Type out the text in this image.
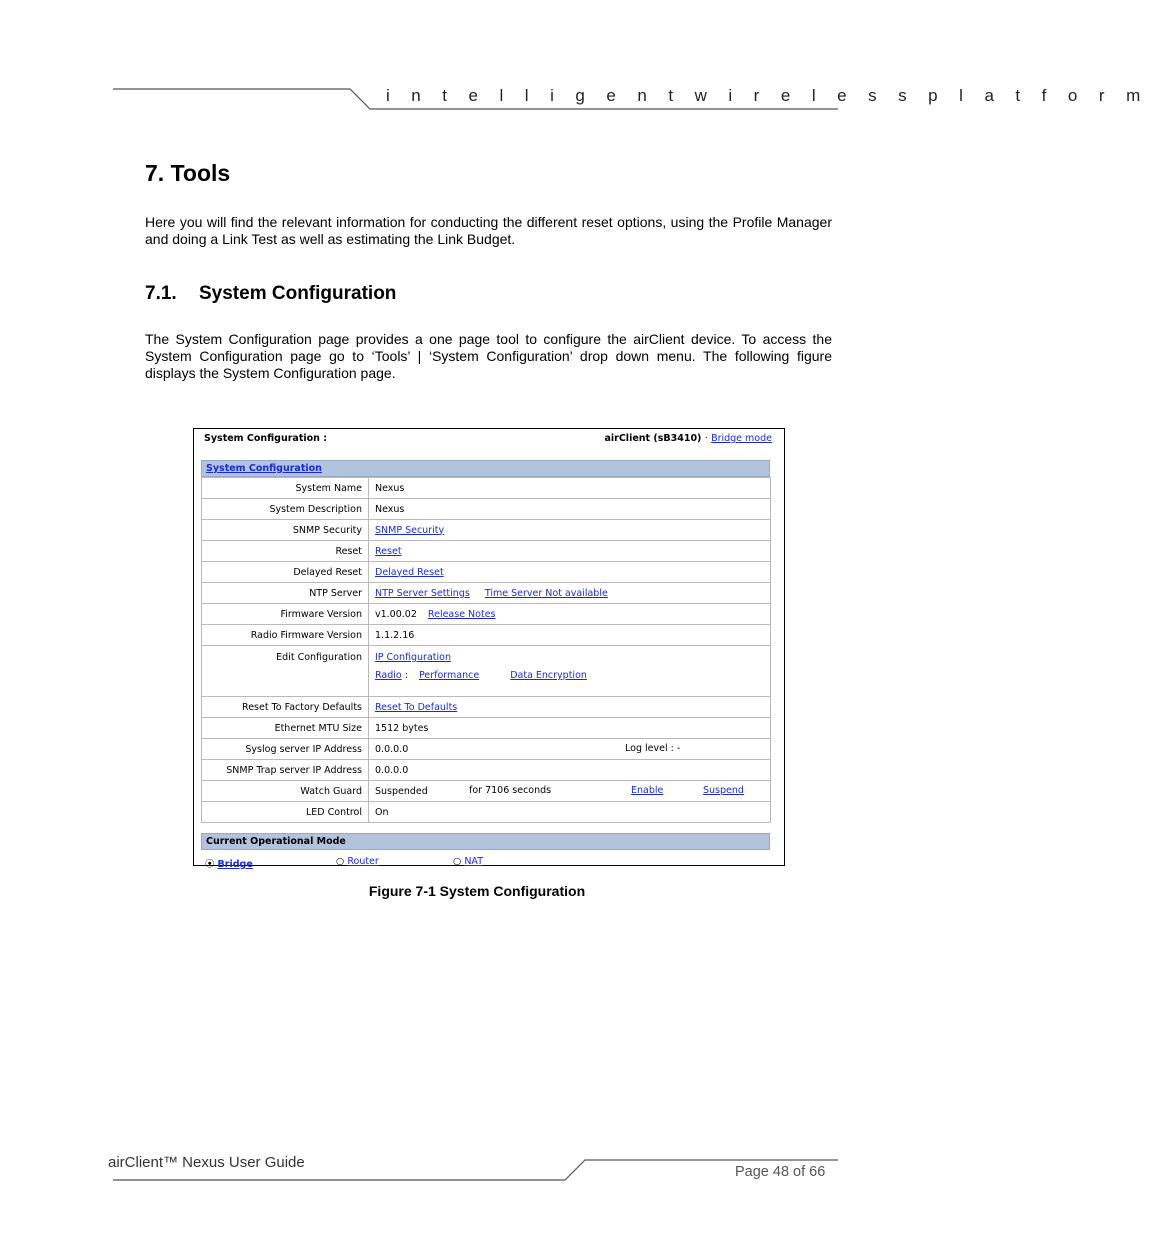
i n t e l l i g e n t w i r e l e s s p l a t f o r m
7. Tools

Here you will find the relevant information for conducting the different reset options, using the Profile Manager and doing a Link Test as well as estimating the Link Budget.

7.1. System Configuration

The System Configuration page provides a one page tool to configure the airClient device. To access the System Configuration page go to ‘Tools’ | ‘System Configuration’ drop down menu. The following figure displays the System Configuration page.

System Configuration :	airClient (sB3410) · Bridge mode
System Configuration
System Name	Nexus
System Description	Nexus
SNMP Security	SNMP Security
Reset	Reset
Delayed Reset	Delayed Reset
NTP Server	NTP Server Settings Time Server Not available
Firmware Version	v1.00.02 Release Notes
Radio Firmware Version	1.1.2.16
Edit Configuration	IP Configuration

Radio : Performance Data Encryption

Reset To Factory Defaults	Reset To Defaults
Ethernet MTU Size	1512 bytes
Syslog server IP Address	0.0.0.0 Log level : -

SNMP Trap server IP Address	0.0.0.0
Watch Guard	Suspended for 7106 seconds Enable Suspend

LED Control	On
Current Operational Mode
⦿ Bridge	○ Router	○ NAT
Figure 7-1 System Configuration
airClient™ Nexus User Guide
Page 48 of 66
